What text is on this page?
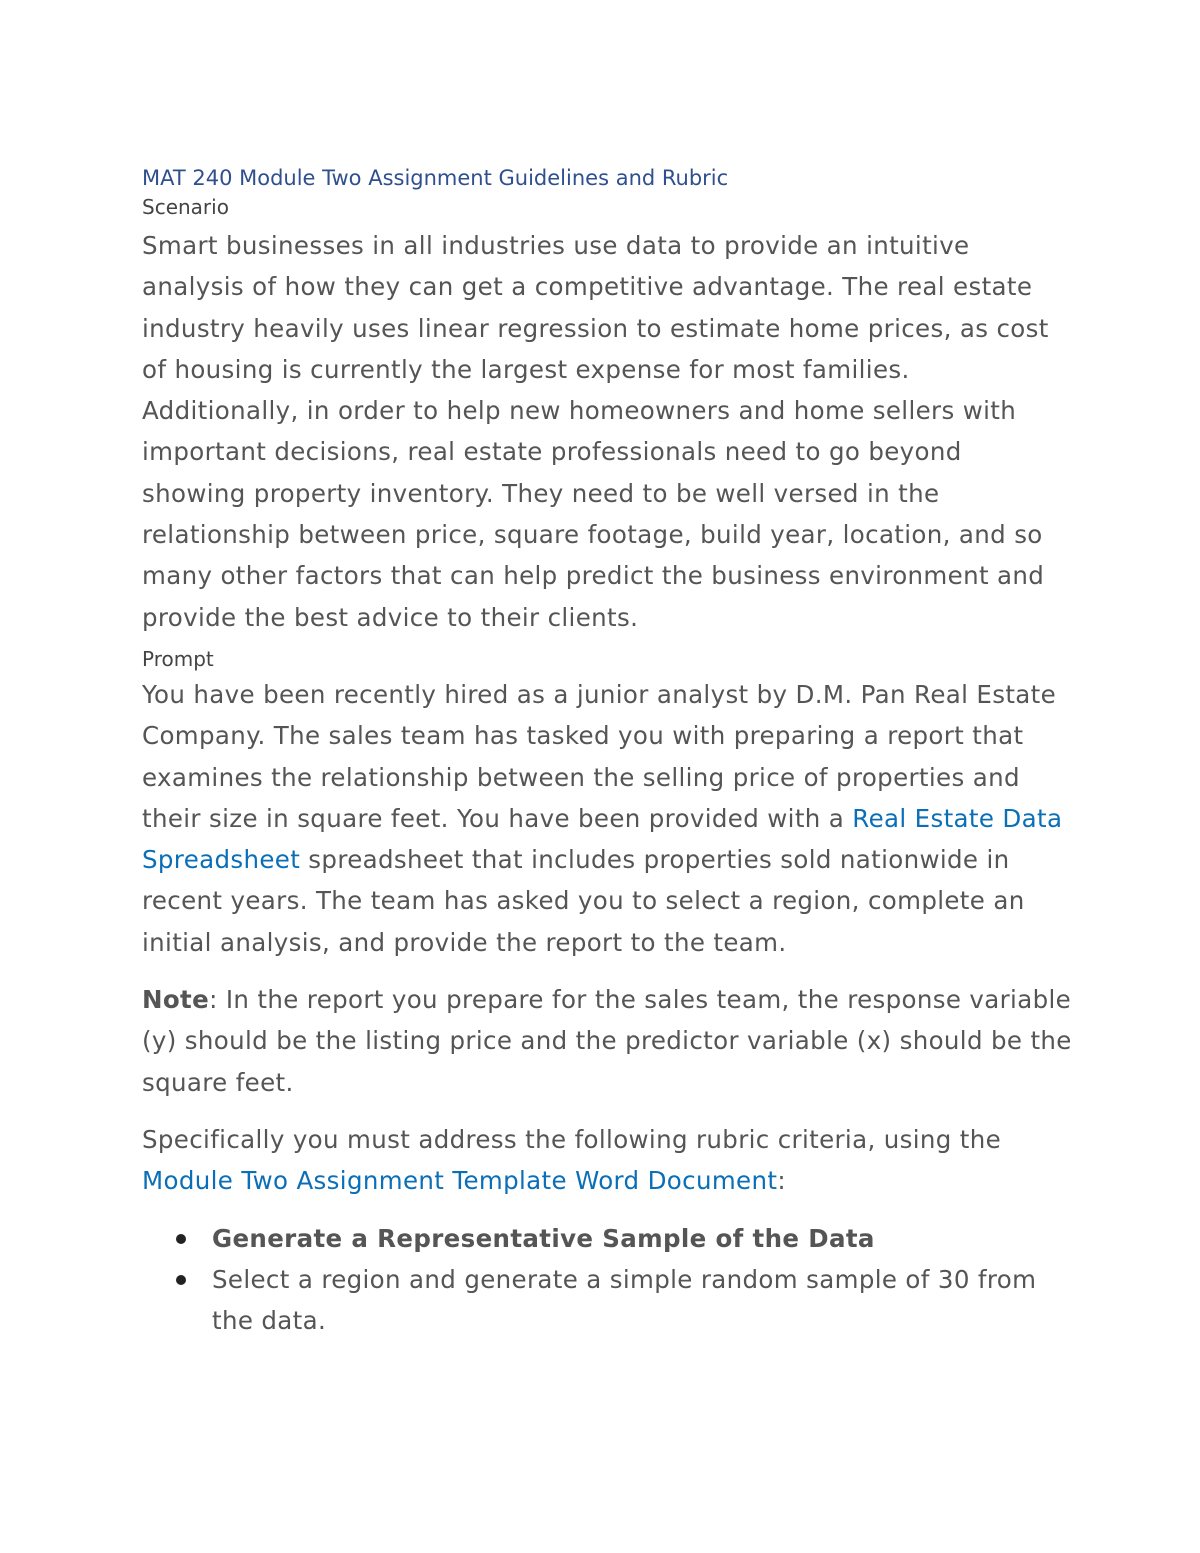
MAT 240 Module Two Assignment Guidelines and Rubric

Scenario

Smart businesses in all industries use data to provide an intuitive analysis of how they can get a competitive advantage. The real estate industry heavily uses linear regression to estimate home prices, as cost of housing is currently the largest expense for most families. Additionally, in order to help new homeowners and home sellers with important decisions, real estate professionals need to go beyond showing property inventory. They need to be well versed in the relationship between price, square footage, build year, location, and so many other factors that can help predict the business environment and provide the best advice to their clients.

Prompt

You have been recently hired as a junior analyst by D.M. Pan Real Estate Company. The sales team has tasked you with preparing a report that examines the relationship between the selling price of properties and their size in square feet. You have been provided with a Real Estate Data Spreadsheet spreadsheet that includes properties sold nationwide in recent years. The team has asked you to select a region, complete an initial analysis, and provide the report to the team.

Note: In the report you prepare for the sales team, the response variable (y) should be the listing price and the predictor variable (x) should be the square feet.

Specifically you must address the following rubric criteria, using the Module Two Assignment Template Word Document:

Generate a Representative Sample of the Data
Select a region and generate a simple random sample of 30 from the data.
